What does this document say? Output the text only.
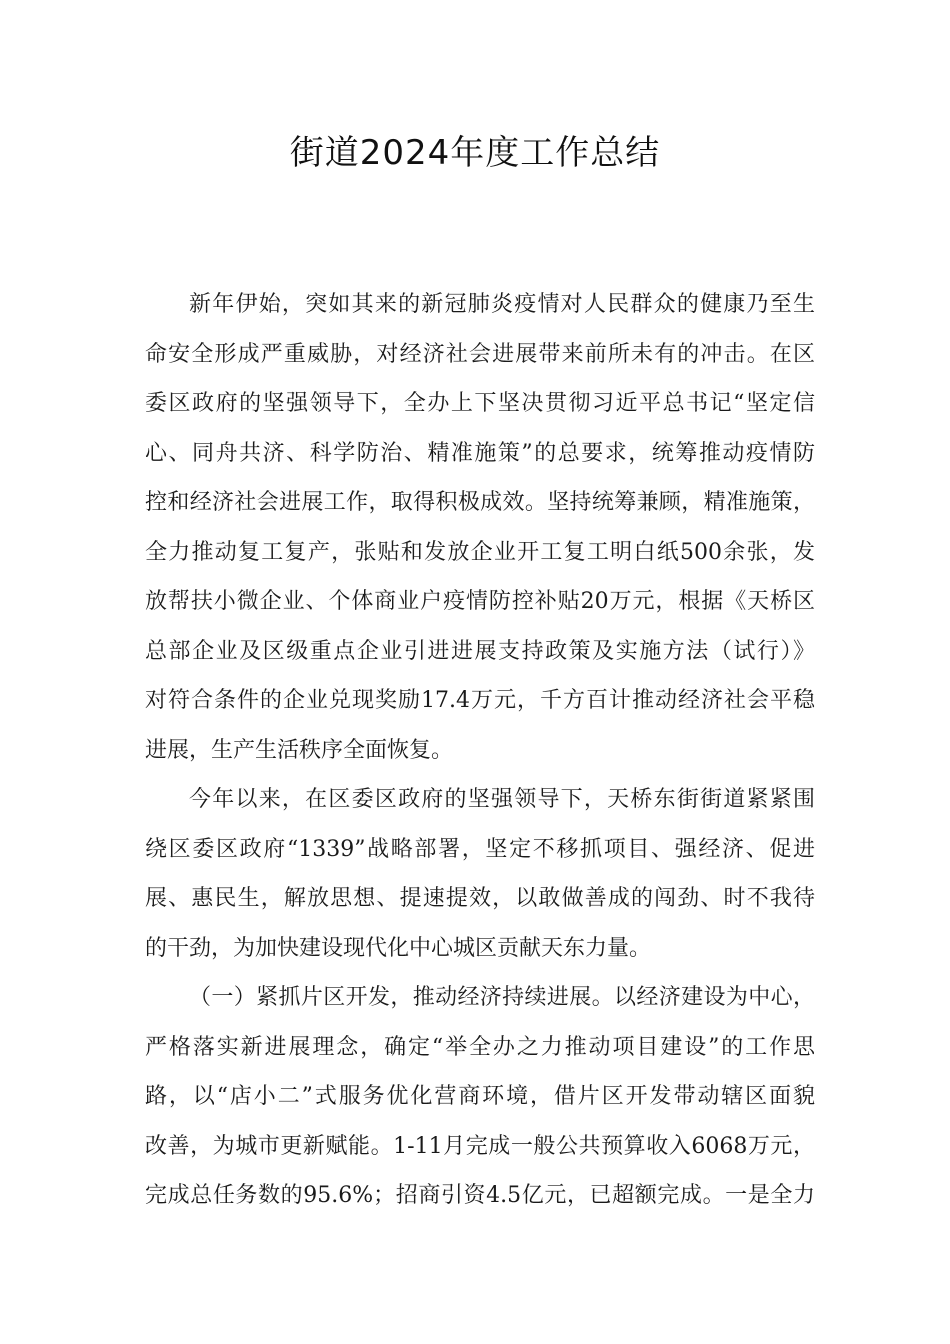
街道2024年度工作总结
新年伊始，突如其来的新冠肺炎疫情对人民群众的健康乃至生
命安全形成严重威胁，对经济社会进展带来前所未有的冲击。在区
委区政府的坚强领导下，全办上下坚决贯彻习近平总书记“坚定信
心、同舟共济、科学防治、精准施策”的总要求，统筹推动疫情防
控和经济社会进展工作，取得积极成效。坚持统筹兼顾，精准施策，
全力推动复工复产，张贴和发放企业开工复工明白纸500余张，发
放帮扶小微企业、个体商业户疫情防控补贴20万元，根据《天桥区
总部企业及区级重点企业引进进展支持政策及实施方法（试行）》
对符合条件的企业兑现奖励17.4万元，千方百计推动经济社会平稳
进展，生产生活秩序全面恢复。
今年以来，在区委区政府的坚强领导下，天桥东街街道紧紧围
绕区委区政府“1339”战略部署，坚定不移抓项目、强经济、促进
展、惠民生，解放思想、提速提效，以敢做善成的闯劲、时不我待
的干劲，为加快建设现代化中心城区贡献天东力量。
（一）紧抓片区开发，推动经济持续进展。以经济建设为中心，
严格落实新进展理念，确定“举全办之力推动项目建设”的工作思
路，以“店小二”式服务优化营商环境，借片区开发带动辖区面貌
改善，为城市更新赋能。1-11月完成一般公共预算收入6068万元，
完成总任务数的95.6%；招商引资4.5亿元，已超额完成。一是全力
